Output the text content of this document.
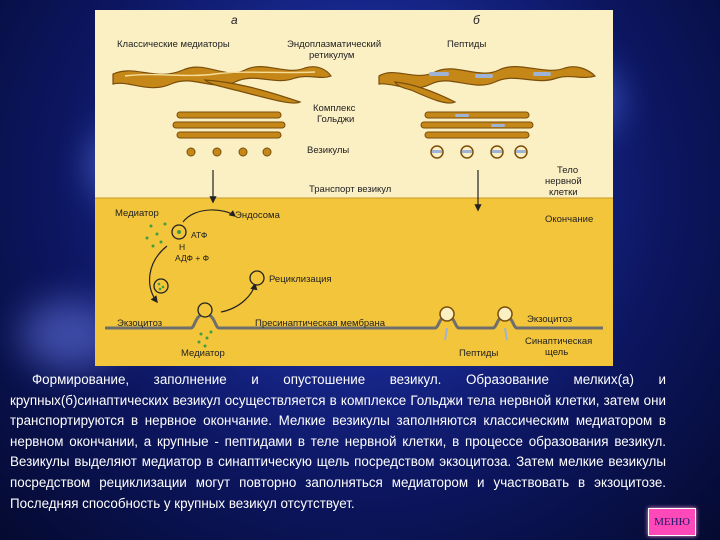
а	б
Классические медиаторы	Эндоплазматический
ретикулум
Пептиды
Комплекс
Гольджи
Везикулы
Тело
нервной
клетки
Транспорт везикул
Медиатор	Эндосома	Окончание
АТФ
Н
АДФ + Ф
Рециклизация
Экзоцитоз	Пресинаптическая мембрана	Экзоцитоз
Медиатор	Пептиды
Синаптическая
щель
Формирование, заполнение и опустошение везикул. Образование мелких(а) и крупных(б)синаптических везикул осуществляется в комплексе Гольджи тела нервной клетки, затем они транспортируются в нервное окончание. Мелкие везикулы заполняются классическим медиатором в нервном окончании, а крупные - пептидами в теле нервной клетки, в процессе образования везикул. Везикулы выделяют медиатор в синаптическую щель посредством экзоцитоза. Затем мелкие везикулы посредством рециклизации могут повторно заполняться медиатором и участвовать в экзоцитозе. Последняя способность у крупных везикул отсутствует.
МЕНЮ
